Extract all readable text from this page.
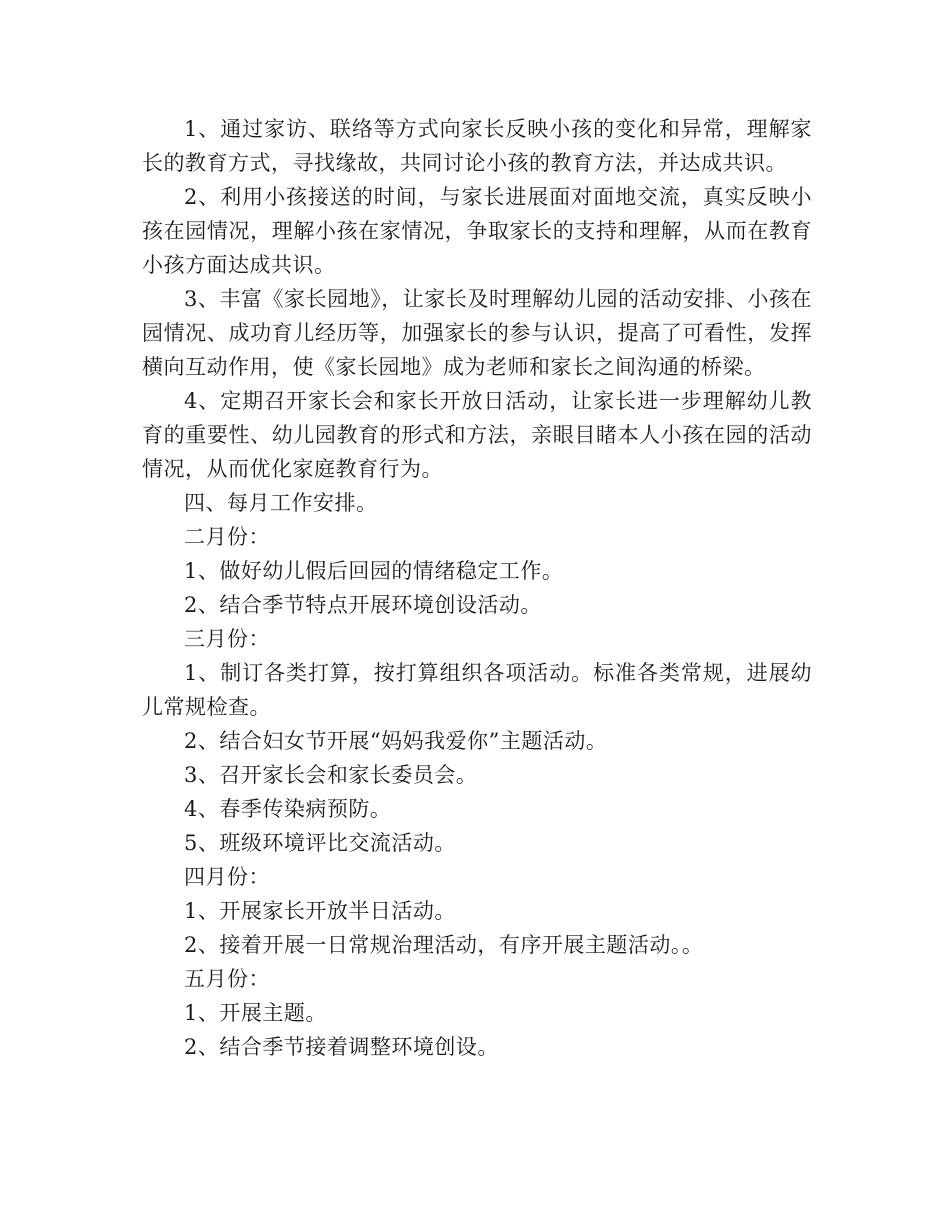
1、通过家访、联络等方式向家长反映小孩的变化和异常，理解家长的教育方式，寻找缘故，共同讨论小孩的教育方法，并达成共识。

2、利用小孩接送的时间，与家长进展面对面地交流，真实反映小孩在园情况，理解小孩在家情况，争取家长的支持和理解，从而在教育小孩方面达成共识。

3、丰富《家长园地》，让家长及时理解幼儿园的活动安排、小孩在园情况、成功育儿经历等，加强家长的参与认识，提高了可看性，发挥横向互动作用，使《家长园地》成为老师和家长之间沟通的桥梁。

4、定期召开家长会和家长开放日活动，让家长进一步理解幼儿教育的重要性、幼儿园教育的形式和方法，亲眼目睹本人小孩在园的活动情况，从而优化家庭教育行为。

四、每月工作安排。

二月份：

1、做好幼儿假后回园的情绪稳定工作。

2、结合季节特点开展环境创设活动。

三月份：

1、制订各类打算，按打算组织各项活动。标准各类常规，进展幼儿常规检查。

2、结合妇女节开展“妈妈我爱你”主题活动。

3、召开家长会和家长委员会。

4、春季传染病预防。

5、班级环境评比交流活动。

四月份：

1、开展家长开放半日活动。

2、接着开展一日常规治理活动，有序开展主题活动。。

五月份：

1、开展主题。

2、结合季节接着调整环境创设。
